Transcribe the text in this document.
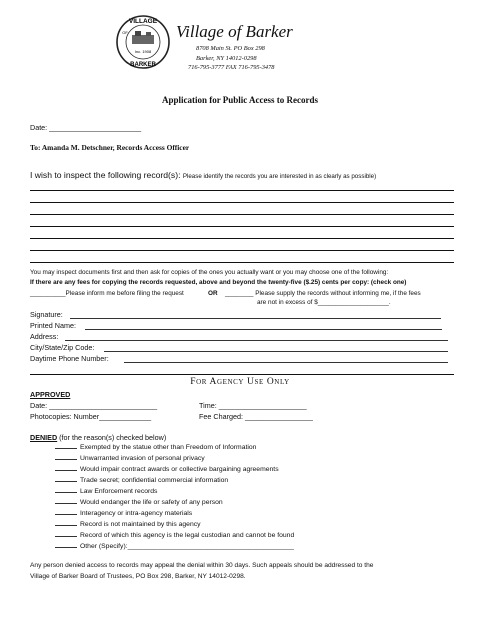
VILLAGE
OF
Inc. 1908
BARKER
Village of Barker
8708 Main St. PO Box 298
Barker, NY 14012-0298
716-795-3777 FAX 716-795-3478
Application for Public Access to Records
Date: _______________________
To: Amanda M. Detschner, Records Access Officer
I wish to inspect the following record(s): Please identify the records you are interested in as clearly as possible)
You may inspect documents first and then ask for copies of the ones you actually want or you may choose one of the following:
If there are any fees for copying the records requested, above and beyond the twenty-five ($.25) cents per copy: (check one)
__________Please inform me before filing the request	OR ________ Please supply the records without informing me, if the fees
are not in excess of $____________________.
Signature:
Printed Name:
Address:
City/State/Zip Code:
Daytime Phone Number:
For Agency Use Only
APPROVED
Date: ___________________________	Time: ______________________
Photocopies: Number_____________	Fee Charged: _________________
DENIED (for the reason(s) checked below)
Exempted by the statue other than Freedom of Information
Unwarranted invasion of personal privacy
Would impair contract awards or collective bargaining agreements
Trade secret; confidential commercial information
Law Enforcement records
Would endanger the life or safety of any person
Interagency or intra-agency materials
Record is not maintained by this agency
Record of which this agency is the legal custodian and cannot be found
Other (Specify):____________________________________________
Any person denied access to records may appeal the denial within 30 days. Such appeals should be addressed to the
Village of Barker Board of Trustees, PO Box 298, Barker, NY 14012-0298.
